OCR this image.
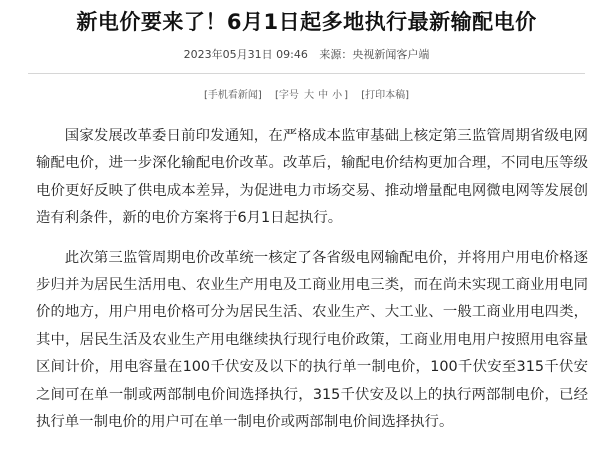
新电价要来了！6月1日起多地执行最新输配电价
2023年05月31日 09:46 来源：央视新闻客户端
[手机看新闻] [字号 大 中 小 ] [打印本稿]

国家发展改革委日前印发通知，在严格成本监审基础上核定第三监管周期省级电网输配电价，进一步深化输配电价改革。改革后，输配电价结构更加合理，不同电压等级电价更好反映了供电成本差异，为促进电力市场交易、推动增量配电网微电网等发展创造有利条件，新的电价方案将于6月1日起执行。

此次第三监管周期电价改革统一核定了各省级电网输配电价，并将用户用电价格逐步归并为居民生活用电、农业生产用电及工商业用电三类，而在尚未实现工商业用电同价的地方，用户用电价格可分为居民生活、农业生产、大工业、一般工商业用电四类，其中，居民生活及农业生产用电继续执行现行电价政策，工商业用电用户按照用电容量区间计价，用电容量在100千伏安及以下的执行单一制电价，100千伏安至315千伏安之间可在单一制或两部制电价间选择执行，315千伏安及以上的执行两部制电价，已经执行单一制电价的用户可在单一制电价或两部制电价间选择执行。
